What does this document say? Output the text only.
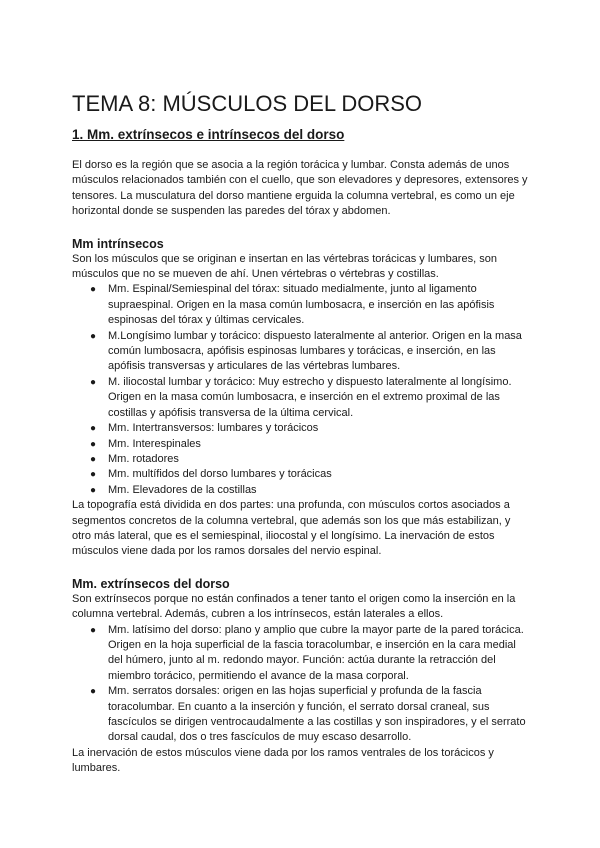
TEMA 8: MÚSCULOS DEL DORSO
1. Mm. extrínsecos e intrínsecos del dorso

El dorso es la región que se asocia a la región torácica y lumbar. Consta además de unos músculos relacionados también con el cuello, que son elevadores y depresores, extensores y tensores. La musculatura del dorso mantiene erguida la columna vertebral, es como un eje horizontal donde se suspenden las paredes del tórax y abdomen.

Mm intrínsecos

Son los músculos que se originan e insertan en las vértebras torácicas y lumbares, son músculos que no se mueven de ahí. Unen vértebras o vértebras y costillas.

● Mm. Espinal/Semiespinal del tórax: situado medialmente, junto al ligamento supraespinal. Origen en la masa común lumbosacra, e inserción en las apófisis espinosas del tórax y últimas cervicales.
● M.Longísimo lumbar y torácico: dispuesto lateralmente al anterior. Origen en la masa común lumbosacra, apófisis espinosas lumbares y torácicas, e inserción, en las apófisis transversas y articulares de las vértebras lumbares.
● M. iliocostal lumbar y torácico: Muy estrecho y dispuesto lateralmente al longísimo. Origen en la masa común lumbosacra, e inserción en el extremo proximal de las costillas y apófisis transversa de la última cervical.
● Mm. Intertransversos: lumbares y torácicos
● Mm. Interespinales
● Mm. rotadores
● Mm. multífidos del dorso lumbares y torácicas
● Mm. Elevadores de la costillas

La topografía está dividida en dos partes: una profunda, con músculos cortos asociados a segmentos concretos de la columna vertebral, que además son los que más estabilizan, y otro más lateral, que es el semiespinal, iliocostal y el longísimo. La inervación de estos músculos viene dada por los ramos dorsales del nervio espinal.

Mm. extrínsecos del dorso

Son extrínsecos porque no están confinados a tener tanto el origen como la inserción en la columna vertebral. Además, cubren a los intrínsecos, están laterales a ellos.

● Mm. latísimo del dorso: plano y amplio que cubre la mayor parte de la pared torácica. Origen en la hoja superficial de la fascia toracolumbar, e inserción en la cara medial del húmero, junto al m. redondo mayor. Función: actúa durante la retracción del miembro torácico, permitiendo el avance de la masa corporal.
● Mm. serratos dorsales: origen en las hojas superficial y profunda de la fascia toracolumbar. En cuanto a la inserción y función, el serrato dorsal craneal, sus fascículos se dirigen ventrocaudalmente a las costillas y son inspiradores, y el serrato dorsal caudal, dos o tres fascículos de muy escaso desarrollo.

La inervación de estos músculos viene dada por los ramos ventrales de los torácicos y lumbares.
